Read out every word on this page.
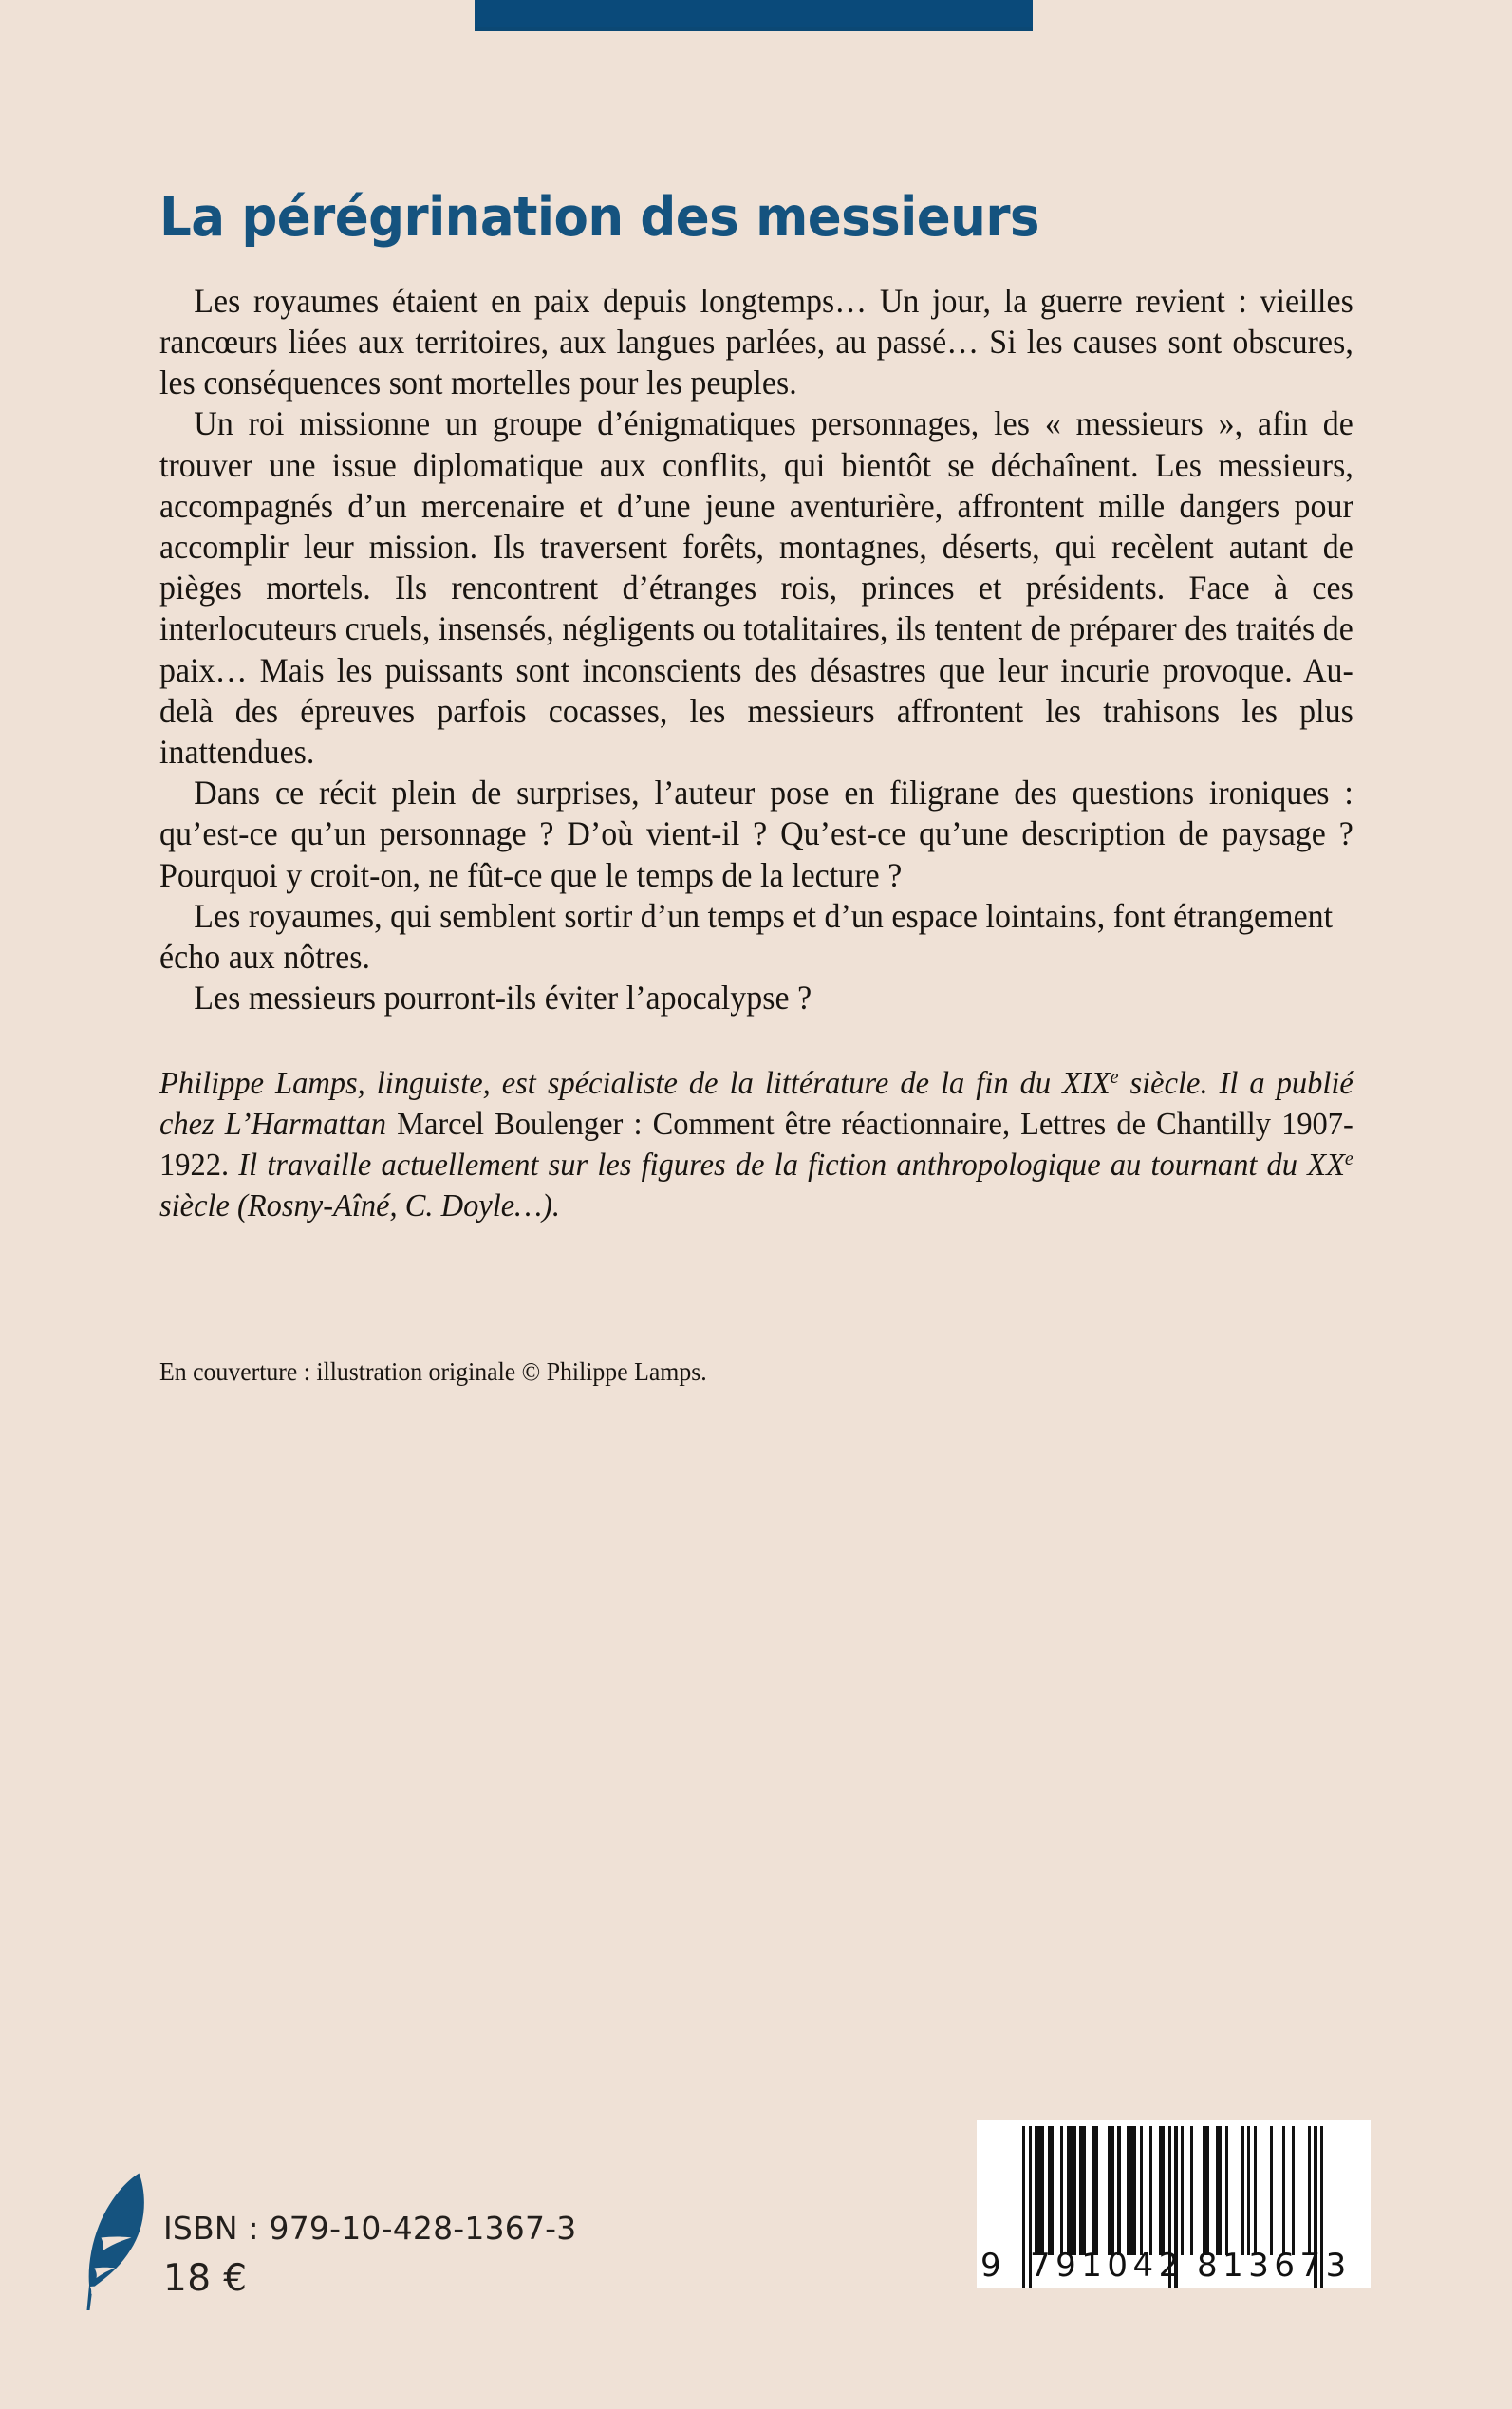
La pérégrination des messieurs

Les royaumes étaient en paix depuis longtemps… Un jour, la guerre revient : vieilles rancœurs liées aux territoires, aux langues parlées, au passé… Si les causes sont obscures, les conséquences sont mortelles pour les peuples.

Un roi missionne un groupe d’énigmatiques personnages, les « messieurs », afin de trouver une issue diplomatique aux conflits, qui bientôt se déchaînent. Les messieurs, accompagnés d’un mercenaire et d’une jeune aventurière, affrontent mille dangers pour accomplir leur mission. Ils traversent forêts, montagnes, déserts, qui recèlent autant de pièges mortels. Ils rencontrent d’étranges rois, princes et présidents. Face à ces interlocuteurs cruels, insensés, négligents ou totalitaires, ils tentent de préparer des traités de paix… Mais les puissants sont inconscients des désastres que leur incurie provoque. Au-delà des épreuves parfois cocasses, les messieurs affrontent les trahisons les plus inattendues.

Dans ce récit plein de surprises, l’auteur pose en filigrane des questions ironiques : qu’est-ce qu’un personnage ? D’où vient-il ? Qu’est-ce qu’une description de paysage ? Pourquoi y croit-on, ne fût-ce que le temps de la lecture ?

Les royaumes, qui semblent sortir d’un temps et d’un espace lointains, font étrangement écho aux nôtres.

Les messieurs pourront-ils éviter l’apocalypse ?

Philippe Lamps, linguiste, est spécialiste de la littérature de la fin du XIXe siècle. Il a publié chez L’Harmattan Marcel Boulenger : Comment être réactionnaire, Lettres de Chantilly 1907-1922. Il travaille actuellement sur les figures de la fiction anthropologique au tournant du XXe siècle (Rosny-Aîné, C. Doyle…).

En couverture : illustration originale © Philippe Lamps.

ISBN : 979-10-428-1367-3
18 €	9 791042 813673
